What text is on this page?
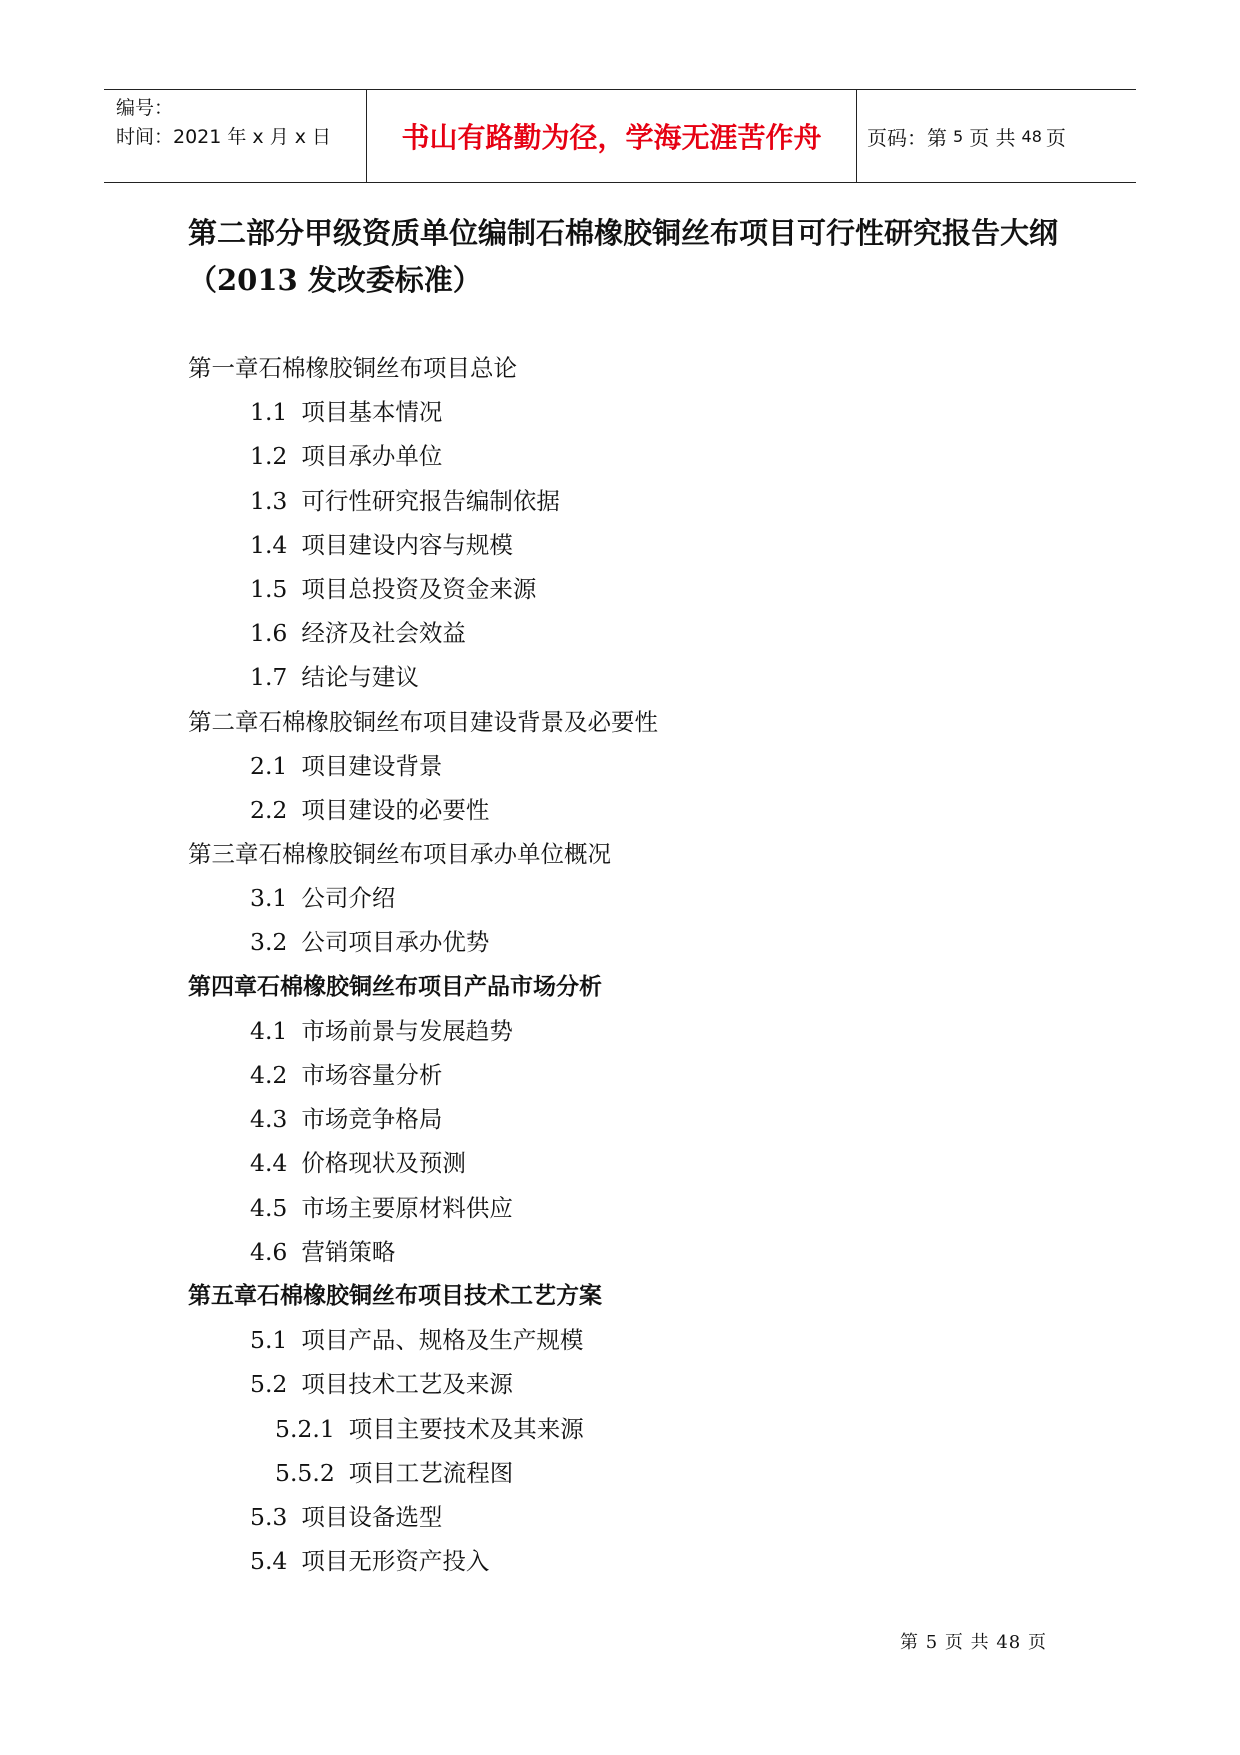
编号：
时间：2021 年 x 月 x 日	书山有路勤为径，学海无涯苦作舟	页码：第 5 页 共 48 页
第二部分甲级资质单位编制石棉橡胶铜丝布项目可行性研究报告大纲（2013 发改委标准）
第一章石棉橡胶铜丝布项目总论
1.1 项目基本情况
1.2 项目承办单位
1.3 可行性研究报告编制依据
1.4 项目建设内容与规模
1.5 项目总投资及资金来源
1.6 经济及社会效益
1.7 结论与建议
第二章石棉橡胶铜丝布项目建设背景及必要性
2.1 项目建设背景
2.2 项目建设的必要性
第三章石棉橡胶铜丝布项目承办单位概况
3.1 公司介绍
3.2 公司项目承办优势
第四章石棉橡胶铜丝布项目产品市场分析
4.1 市场前景与发展趋势
4.2 市场容量分析
4.3 市场竞争格局
4.4 价格现状及预测
4.5 市场主要原材料供应
4.6 营销策略
第五章石棉橡胶铜丝布项目技术工艺方案
5.1 项目产品、规格及生产规模
5.2 项目技术工艺及来源
5.2.1 项目主要技术及其来源
5.5.2 项目工艺流程图
5.3 项目设备选型
5.4 项目无形资产投入
第 5 页 共 48 页
